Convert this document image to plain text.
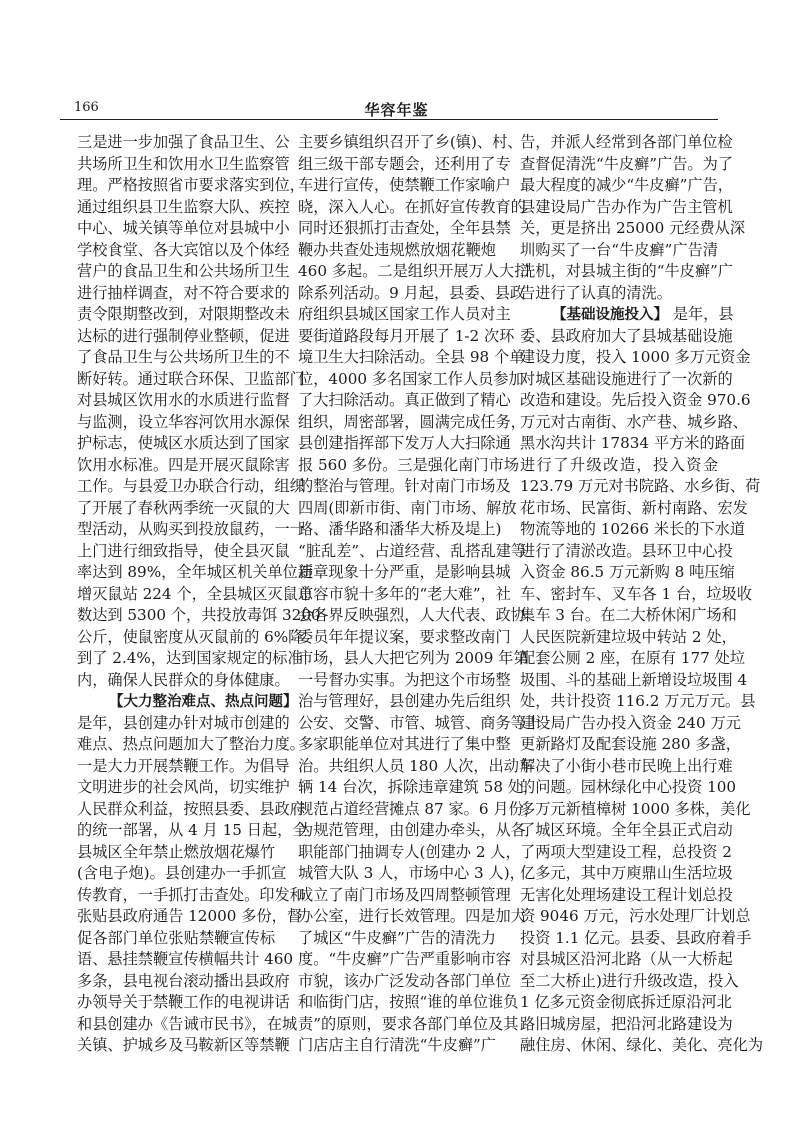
166	华容年鉴
三是进一步加强了食品卫生、公
共场所卫生和饮用水卫生监察管
理。严格按照省市要求落实到位，
通过组织县卫生监察大队、疾控
中心、城关镇等单位对县城中小
学校食堂、各大宾馆以及个体经
营户的食品卫生和公共场所卫生
进行抽样调查，对不符合要求的
责令限期整改到，对限期整改未
达标的进行强制停业整顿，促进
了食品卫生与公共场所卫生的不
断好转。通过联合环保、卫监部门
对县城区饮用水的水质进行监督
与监测，设立华容河饮用水源保
护标志，使城区水质达到了国家
饮用水标准。四是开展灭鼠除害
工作。与县爱卫办联合行动，组织
了开展了春秋两季统一灭鼠的大
型活动，从购买到投放鼠药，一一
上门进行细致指导，使全县灭鼠
率达到 89%，全年城区机关单位新
增灭鼠站 224 个，全县城区灭鼠总
数达到 5300 个，共投放毒饵 3200
公斤，使鼠密度从灭鼠前的 6%降
到了 2.4%，达到国家规定的标准
内，确保人民群众的身体健康。
【大力整治难点、热点问题】
是年，县创建办针对城市创建的
难点、热点问题加大了整治力度。
一是大力开展禁鞭工作。为倡导
文明进步的社会风尚，切实维护
人民群众利益，按照县委、县政府
的统一部署，从 4 月 15 日起，全
县城区全年禁止燃放烟花爆竹
(含电子炮)。县创建办一手抓宣
传教育，一手抓打击查处。印发和
张贴县政府通告 12000 多份，督
促各部门单位张贴禁鞭宣传标
语、悬挂禁鞭宣传横幅共计 460
多条，县电视台滚动播出县政府
办领导关于禁鞭工作的电视讲话
和县创建办《告诫市民书》，在城
关镇、护城乡及马鞍新区等禁鞭
主要乡镇组织召开了乡(镇)、村、
组三级干部专题会，还利用了专
车进行宣传，使禁鞭工作家喻户
晓，深入人心。在抓好宣传教育的
同时还狠抓打击查处，全年县禁
鞭办共查处违规燃放烟花鞭炮
460 多起。二是组织开展万人大扫
除系列活动。9 月起，县委、县政
府组织县城区国家工作人员对主
要街道路段每月开展了 1-2 次环
境卫生大扫除活动。全县 98 个单
位，4000 多名国家工作人员参加
了大扫除活动。真正做到了精心
组织，周密部署，圆满完成任务，
县创建指挥部下发万人大扫除通
报 560 多份。三是强化南门市场
的整治与管理。针对南门市场及
四周(即新市街、南门市场、解放
路、潘华路和潘华大桥及堤上)
“脏乱差”、占道经营、乱搭乱建等
违章现象十分严重，是影响县城
市容市貌十多年的“老大难”，社
会各界反映强烈，人大代表、政协
委员年年提议案，要求整改南门
市场，县人大把它列为 2009 年第
一号督办实事。为把这个市场整
治与管理好，县创建办先后组织
公安、交警、市管、城管、商务等十
多家职能单位对其进行了集中整
治。共组织人员 180 人次，出动车
辆 14 台次，拆除违章建筑 58 处，
规范占道经营摊点 87 家。6 月份，
为规范管理，由创建办牵头，从各
职能部门抽调专人(创建办 2 人，
城管大队 3 人，市场中心 3 人)，
成立了南门市场及四周整顿管理
办公室，进行长效管理。四是加大
了城区“牛皮癣”广告的清洗力
度。“牛皮癣”广告严重影响市容
市貌，该办广泛发动各部门单位
和临街门店，按照“谁的单位谁负
责”的原则，要求各部门单位及其
门店店主自行清洗“牛皮癣”广
告，并派人经常到各部门单位检
查督促清洗“牛皮癣”广告。为了
最大程度的减少“牛皮癣”广告，
县建设局广告办作为广告主管机
关，更是挤出 25000 元经费从深
圳购买了一台“牛皮癣”广告清
洗机，对县城主街的“牛皮癣”广
告进行了认真的清洗。
【基础设施投入】 是年，县
委、县政府加大了县城基础设施
建设力度，投入 1000 多万元资金
对城区基础设施进行了一次新的
改造和建设。先后投入资金 970.6
万元对古南街、水产巷、城乡路、
黑水沟共计 17834 平方米的路面
进行了升级改造，投入资金
123.79 万元对书院路、水乡街、荷
花市场、民富街、新村南路、宏发
物流等地的 10266 米长的下水道
进行了清淤改造。县环卫中心投
入资金 86.5 万元新购 8 吨压缩
车、密封车、叉车各 1 台，垃圾收
集车 3 台。在二大桥休闲广场和
人民医院新建垃圾中转站 2 处，
配套公厕 2 座，在原有 177 处垃
圾围、斗的基础上新增设垃圾围 4
处，共计投资 116.2 万元万元。县
建设局广告办投入资金 240 万元
更新路灯及配套设施 280 多盏，
解决了小街小巷市民晚上出行难
的问题。园林绿化中心投资 100
多万元新植樟树 1000 多株，美化
了城区环境。全年全县正式启动
了两项大型建设工程，总投资 2
亿多元，其中万庾鼎山生活垃圾
无害化处理场建设工程计划总投
资 9046 万元，污水处理厂计划总
投资 1.1 亿元。县委、县政府着手
对县城区沿河北路（从一大桥起
至二大桥止)进行升级改造，投入
1 亿多元资金彻底拆迁原沿河北
路旧城房屋，把沿河北路建设为
融住房、休闲、绿化、美化、亮化为
